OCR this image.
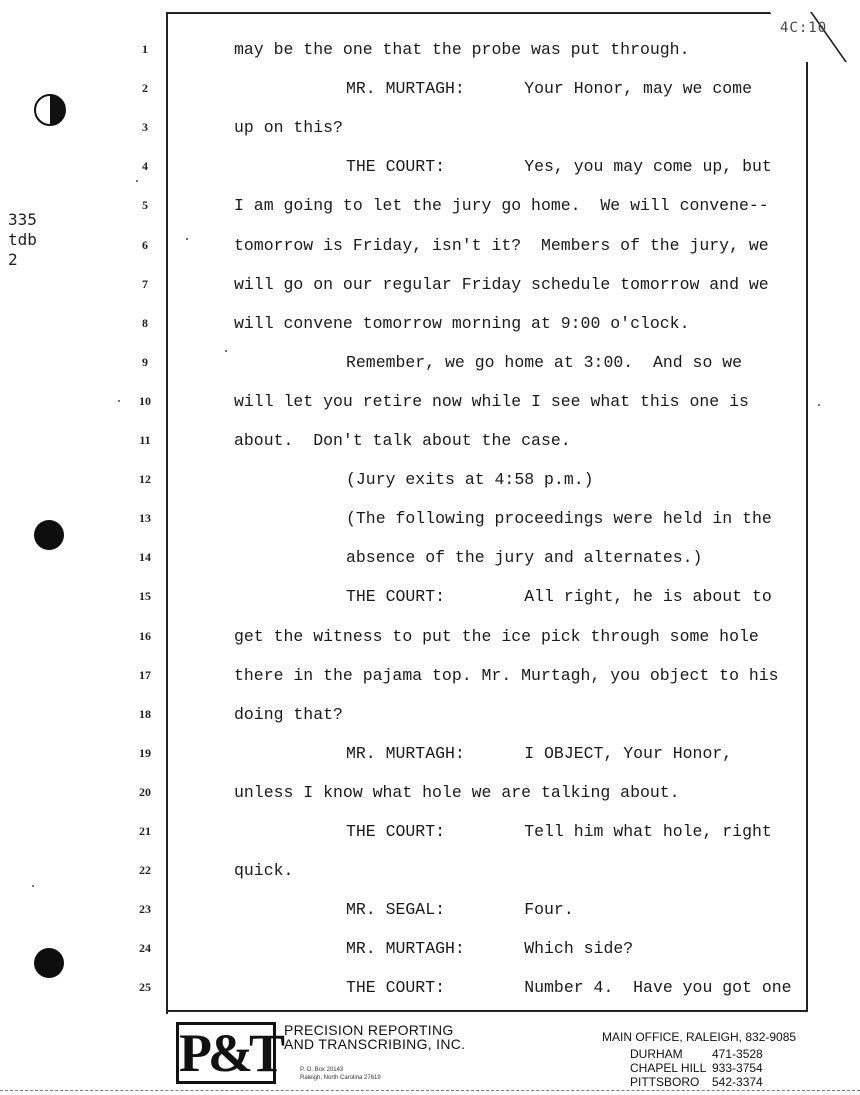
4C:10
335
tdb
2
1	may be the one that the probe was put through.
2	MR. MURTAGH:      Your Honor, may we come
3	up on this?
4	THE COURT:        Yes, you may come up, but
5	I am going to let the jury go home.  We will convene--
6	tomorrow is Friday, isn't it?  Members of the jury, we
7	will go on our regular Friday schedule tomorrow and we
8	will convene tomorrow morning at 9:00 o'clock.
9	Remember, we go home at 3:00.  And so we
10	will let you retire now while I see what this one is
11	about.  Don't talk about the case.
12	(Jury exits at 4:58 p.m.)
13	(The following proceedings were held in the
14	absence of the jury and alternates.)
15	THE COURT:        All right, he is about to
16	get the witness to put the ice pick through some hole
17	there in the pajama top. Mr. Murtagh, you object to his
18	doing that?
19	MR. MURTAGH:      I OBJECT, Your Honor,
20	unless I know what hole we are talking about.
21	THE COURT:        Tell him what hole, right
22	quick.
23	MR. SEGAL:        Four.
24	MR. MURTAGH:      Which side?
25	THE COURT:        Number 4.  Have you got one
P&T PRECISION REPORTING
AND TRANSCRIBING, INC.
P. O. Box 20143
Raleigh, North Carolina 27619
MAIN OFFICE, RALEIGH, 832-9085
DURHAM 471-3528
CHAPEL HILL 933-3754
PITTSBORO 542-3374
